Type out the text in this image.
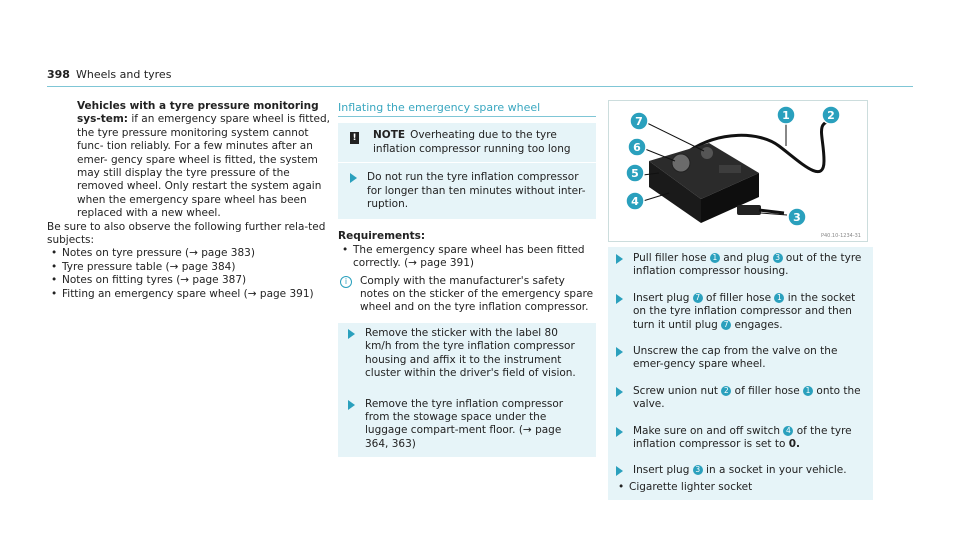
398 Wheels and tyres
Vehicles with a tyre pressure monitoring sys-tem: if an emergency spare wheel is fitted, the tyre pressure monitoring system cannot func- tion reliably. For a few minutes after an emer- gency spare wheel is fitted, the system may still display the tyre pressure of the removed wheel. Only restart the system again when the emergency spare wheel has been replaced with a new wheel.
Be sure to also observe the following further rela-ted subjects:
• Notes on tyre pressure (→ page 383)
• Tyre pressure table (→ page 384)
• Notes on fitting tyres (→ page 387)
• Fitting an emergency spare wheel (→ page 391)
Inflating the emergency spare wheel
! NOTE Overheating due to the tyre inflation compressor running too long
Do not run the tyre inflation compressor for longer than ten minutes without inter-ruption.
Requirements:
• The emergency spare wheel has been fitted correctly. (→ page 391)
i	Comply with the manufacturer's safety notes on the sticker of the emergency spare wheel and on the tyre inflation compressor.
Remove the sticker with the label 80 km/h from the tyre inflation compressor housing and affix it to the instrument cluster within the driver's field of vision.
Remove the tyre inflation compressor from the stowage space under the luggage compart-ment floor. (→ page 364, 363)
7
6
5
4
1	2
3
P40.10-1234-31
Pull filler hose 1 and plug 3 out of the tyre inflation compressor housing.
Insert plug 7 of filler hose 1 in the socket on the tyre inflation compressor and then turn it until plug 7 engages.
Unscrew the cap from the valve on the emer-gency spare wheel.
Screw union nut 2 of filler hose 1 onto the valve.
Make sure on and off switch 4 of the tyre inflation compressor is set to 0.
Insert plug 3 in a socket in your vehicle.
• Cigarette lighter socket
